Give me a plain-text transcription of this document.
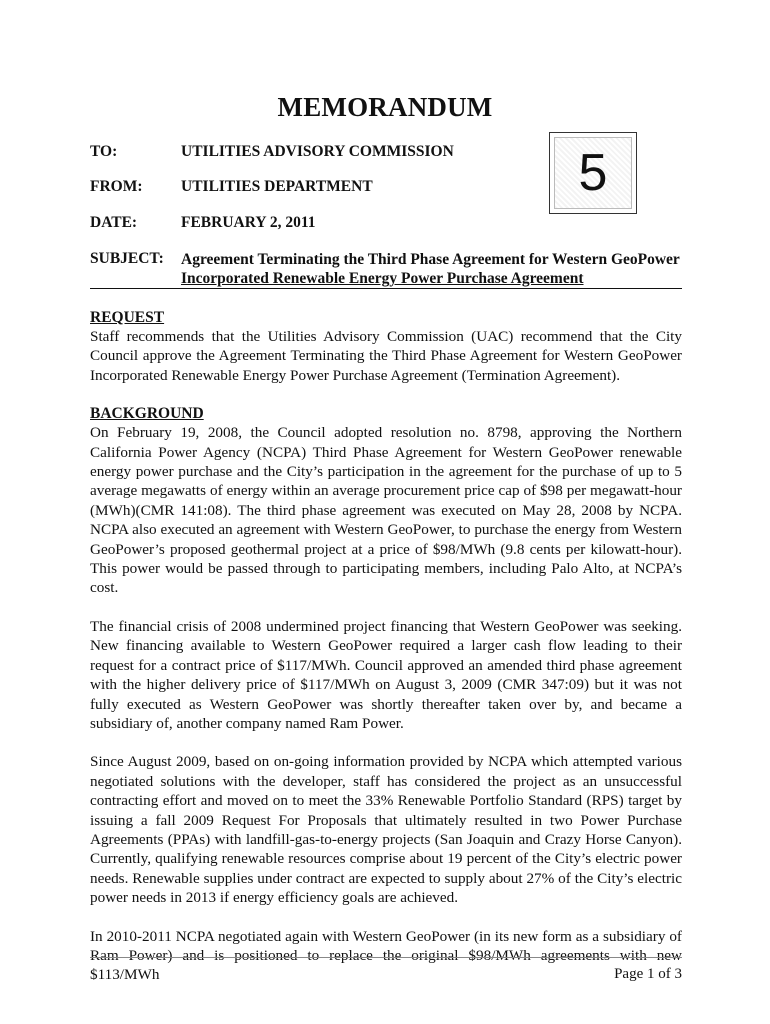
MEMORANDUM
TO:	UTILITIES ADVISORY COMMISSION
FROM: UTILITIES DEPARTMENT
DATE:	FEBRUARY 2, 2011
SUBJECT: Agreement Terminating the Third Phase Agreement for Western GeoPower
Incorporated Renewable Energy Power Purchase Agreement
5
REQUEST

Staff recommends that the Utilities Advisory Commission (UAC) recommend that the City Council approve the Agreement Terminating the Third Phase Agreement for Western GeoPower Incorporated Renewable Energy Power Purchase Agreement (Termination Agreement).

BACKGROUND

On February 19, 2008, the Council adopted resolution no. 8798, approving the Northern California Power Agency (NCPA) Third Phase Agreement for Western GeoPower renewable energy power purchase and the City’s participation in the agreement for the purchase of up to 5 average megawatts of energy within an average procurement price cap of $98 per megawatt-hour (MWh)(CMR 141:08). The third phase agreement was executed on May 28, 2008 by NCPA. NCPA also executed an agreement with Western GeoPower, to purchase the energy from Western GeoPower’s proposed geothermal project at a price of $98/MWh (9.8 cents per kilowatt-hour). This power would be passed through to participating members, including Palo Alto, at NCPA’s cost.

The financial crisis of 2008 undermined project financing that Western GeoPower was seeking. New financing available to Western GeoPower required a larger cash flow leading to their request for a contract price of $117/MWh. Council approved an amended third phase agreement with the higher delivery price of $117/MWh on August 3, 2009 (CMR 347:09) but it was not fully executed as Western GeoPower was shortly thereafter taken over by, and became a subsidiary of, another company named Ram Power.

Since August 2009, based on on-going information provided by NCPA which attempted various negotiated solutions with the developer, staff has considered the project as an unsuccessful contracting effort and moved on to meet the 33% Renewable Portfolio Standard (RPS) target by issuing a fall 2009 Request For Proposals that ultimately resulted in two Power Purchase Agreements (PPAs) with landfill-gas-to-energy projects (San Joaquin and Crazy Horse Canyon). Currently, qualifying renewable resources comprise about 19 percent of the City’s electric power needs. Renewable supplies under contract are expected to supply about 27% of the City’s electric power needs in 2013 if energy efficiency goals are achieved.

In 2010-2011 NCPA negotiated again with Western GeoPower (in its new form as a subsidiary of Ram Power) and is positioned to replace the original $98/MWh agreements with new $113/MWh	Page 1 of 3
